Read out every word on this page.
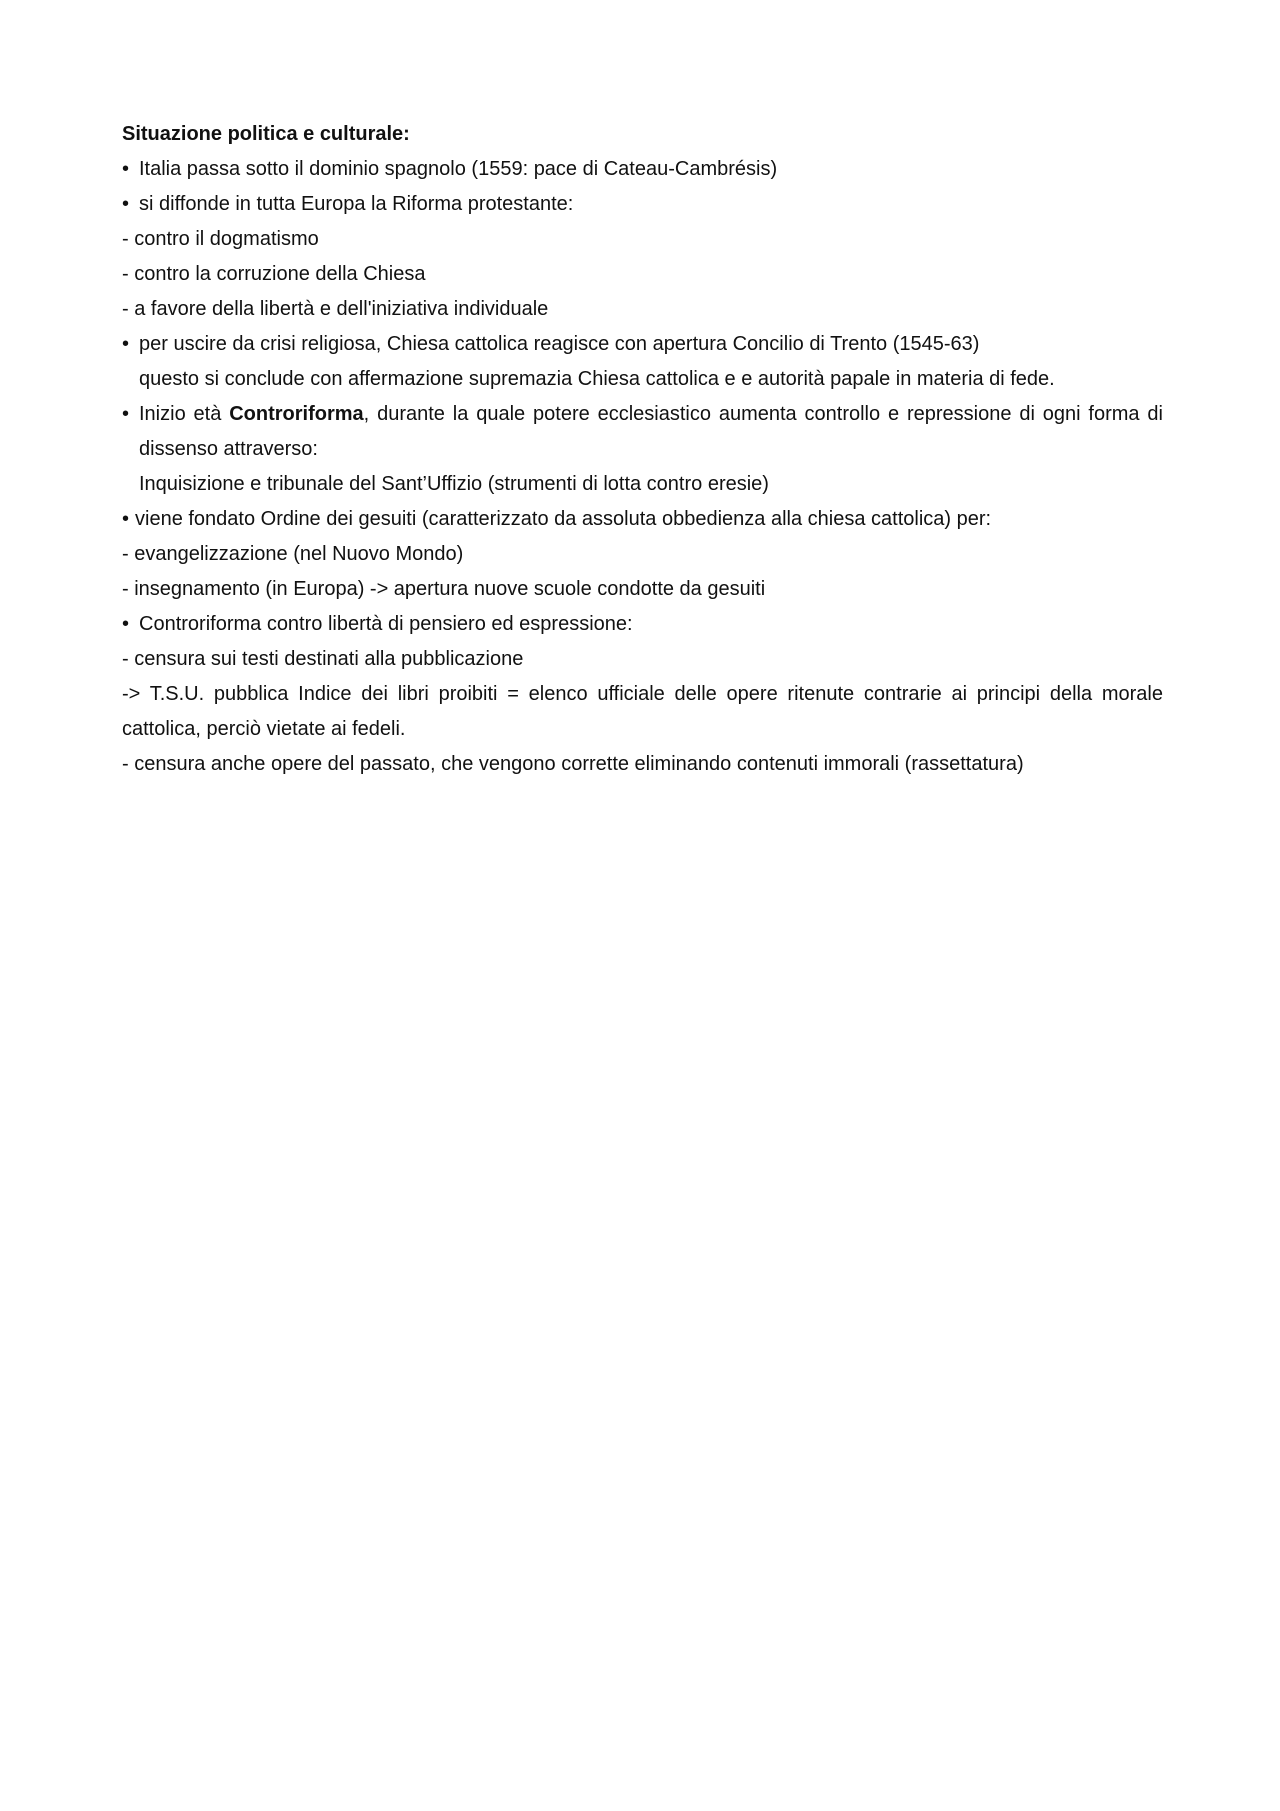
Situazione politica e culturale:

• Italia passa sotto il dominio spagnolo (1559: pace di Cateau-Cambrésis)
• si diffonde in tutta Europa la Riforma protestante:

- contro il dogmatismo

- contro la corruzione della Chiesa

- a favore della libertà e dell'iniziativa individuale

• per uscire da crisi religiosa, Chiesa cattolica reagisce con apertura Concilio di Trento (1545-63)

questo si conclude con affermazione supremazia Chiesa cattolica e e autorità papale in materia di fede.

• Inizio età Controriforma, durante la quale potere ecclesiastico aumenta controllo e repressione di ogni forma di dissenso attraverso:

Inquisizione e tribunale del Sant’Uffizio (strumenti di lotta contro eresie)

• viene fondato Ordine dei gesuiti (caratterizzato da assoluta obbedienza alla chiesa cattolica) per:

- evangelizzazione (nel Nuovo Mondo)

- insegnamento (in Europa) -> apertura nuove scuole condotte da gesuiti

• Controriforma contro libertà di pensiero ed espressione:

- censura sui testi destinati alla pubblicazione

-> T.S.U. pubblica Indice dei libri proibiti = elenco ufficiale delle opere ritenute contrarie ai principi della morale cattolica, perciò vietate ai fedeli.

- censura anche opere del passato, che vengono corrette eliminando contenuti immorali (rassettatura)
